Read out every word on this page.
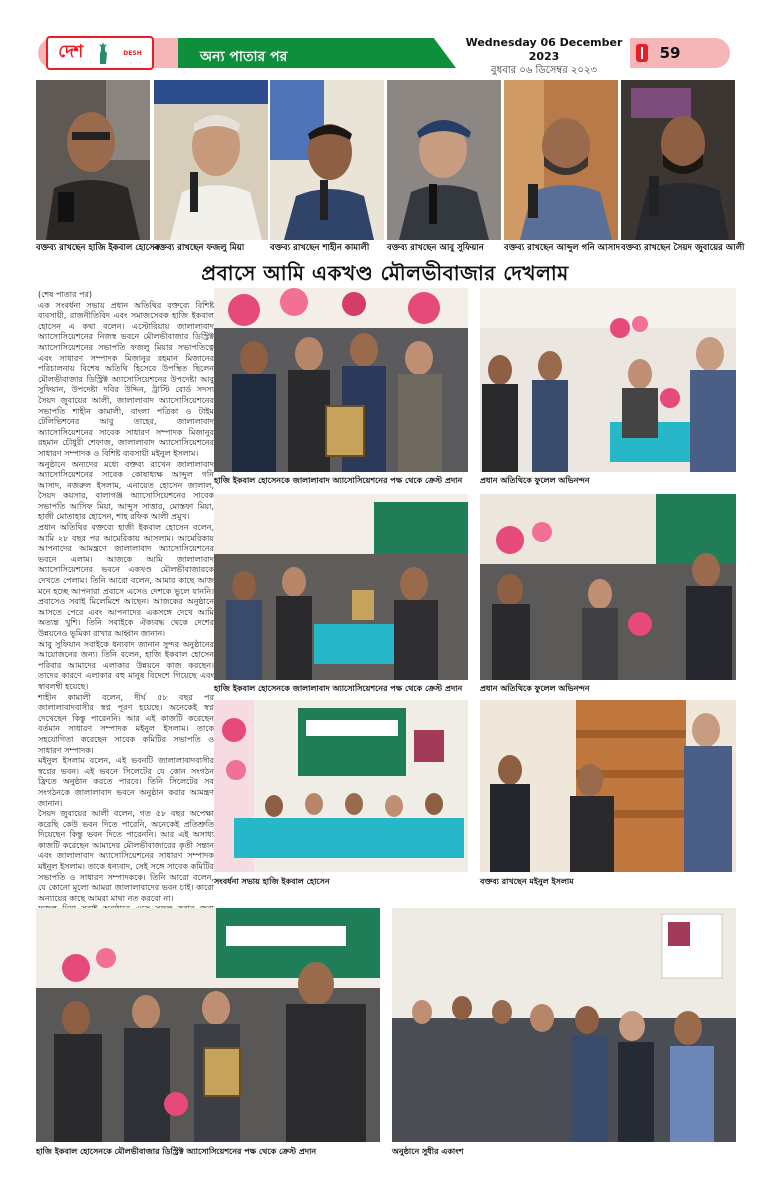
দেশ	DESH	অন্য পাতার পর
Wednesday 06 December 2023
বুধবার ০৬ ডিসেম্বর ২০২৩
59
বক্তব্য রাখছেন হাজি ইকবাল হোসেন
বক্তব্য রাখছেন ফজলু মিয়া	বক্তব্য রাখছেন শাহীন কামালী বক্তব্য রাখছেন আবু সুফিয়ান বক্তব্য রাখছেন আব্দুল গনি আসাদ বক্তব্য রাখছেন সৈয়দ জুবায়ের আলী
প্রবাসে আমি একখণ্ড মৌলভীবাজার দেখলাম

(শেষ পাতার পর)

এক সংবর্ধনা সভায় প্রধান অতিথির বক্তব্যে বিশিষ্ট ব্যবসায়ী, রাজনীতিবিদ এবং সমাজসেবক হাজি ইকবাল হোসেন এ কথা বলেন। এস্টোরিয়ায় জালালাবাদ অ্যাসোসিয়েশনের নিজস্ব ভবনে মৌলভীবাজার ডিস্ট্রিক্ট অ্যাসোসিয়েশনের সভাপতি ফজলু মিয়ার সভাপতিত্বে এবং সাধারণ সম্পাদক মিজানুর রহমান মিজানের পরিচালনায় বিশেষ অতিথি হিসেবে উপস্থিত ছিলেন মৌলভীবাজার ডিস্ট্রিক্ট অ্যাসোসিয়েশনের উপদেষ্টা আবু সুফিয়ান, উপদেষ্টা দবির উদ্দিন, ট্রাস্টি বোর্ড সদস্য সৈয়দ জুবায়ের আলী, জালালাবাদ অ্যাসোসিয়েশনের সভাপতি শাহীন কামালী, বাংলা পত্রিকা ও টাইম টেলিভিশনের আবু তাহের, জালালাবাদ অ্যাসোসিয়েশনের সাবেক সাধারণ সম্পাদক মিজানুর রহমান চৌধুরী শেফাজ, জালালাবাদ অ্যাসোসিয়েশনের সাধারণ সম্পাদক ও বিশিষ্ট ব্যবসায়ী মইনুল ইসলাম।

অনুষ্ঠানে অন্যদের মধ্যে বক্তব্য রাখেন জালালাবাদ অ্যাসোসিয়েশনের সাবেক কোষাধ্যক্ষ আব্দুল গনি আসাদ, নজরুল ইসলাম, এনায়েত হোসেন জালাল, সৈয়দ কয়সার, বালাগঞ্জ অ্যাসোসিয়েশনের সাবেক সভাপতি আসিফ মিয়া, আব্দুস সাত্তার, মোস্তফা মিয়া, হাজী মোতাহার হোসেন, শাহ রফিক আলী প্রমুখ।

প্রধান অতিথির বক্তব্যে হাজী ইকবাল হোসেন বলেন, আমি ২৮ বছর পর আমেরিকায় আসলাম। আমেরিকায় আপনাদের আমন্ত্রণে জালালাবাদ অ্যাসোসিয়েশনের ভবনে এলাম। আজকে আমি জালালাবাদ অ্যাসোসিয়েশনের ভবনে একখণ্ড মৌলভীবাজারকে দেখতে পেলাম। তিনি আরো বলেন, আমার কাছে আজ মনে হচ্ছে আপনারা প্রবাসে এসেও দেশকে ভুলে যাননি। প্রবাসেও সবাই মিলেমিশে আছেন। আজকের অনুষ্ঠানে আসতে পেরে এবং আপনাদের একসঙ্গে দেখে আমি অত্যন্ত খুশি। তিনি সবাইকে ঐক্যবদ্ধ থেকে দেশের উন্নয়নেও ভূমিকা রাখার আহ্বান জানান।

আবু সুফিয়ান সবাইকে ধন্যবাদ জানান সুন্দর অনুষ্ঠানের আয়োজনের জন্য। তিনি বলেন, হাজি ইকবাল হোসেন পরিবার আমাদের এলাকার উন্নয়নে কাজ করছেন। তাদের কারণে এলাকার বহু মানুষ বিদেশে গিয়েছে এবং স্বাবলম্বী হয়েছে।

শাহীন কামালী বলেন, দীর্ঘ ৫৮ বছর পর জালালাবাদবাসীর স্বপ্ন পূরণ হয়েছে। অনেকেই স্বপ্ন দেখেছেন কিন্তু পারেননি। আর এই কাজটি করেছেন বর্তমান সাধারণ সম্পাদক মইনুল ইসলাম। তাকে সহযোগিতা করেছেন সাবেক কমিটির সভাপতি ও সাধারণ সম্পাদক।

মইনুল ইসলাম বলেন, এই ভবনটি জালালাবাদবাসীর স্বপ্নের ভবন। এই ভবনে সিলেটের যে কোন সংগঠন ফ্রিতে অনুষ্ঠান করতে পারবে। তিনি সিলেটের সব সংগঠনকে জালালাবাদ ভবনে অনুষ্ঠান করার আমন্ত্রণ জানান।

সৈয়দ জুবায়ের আলী বলেন, গত ৫৮ বছর অপেক্ষা করেছি কেউ ভবন দিতে পারেনি, অনেকেই প্রতিশ্রুতি দিয়েছেন কিন্তু ভবন দিতে পারেননি। আর এই অসাধ্য কাজটি করেছেন আমাদের মৌলভীবাজারের কৃতী সন্তান এবং জালালাবাদ অ্যাসোসিয়েশনের সাধারণ সম্পাদক মইনুল ইসলাম। তাকে ধন্যবাদ, সেই সঙ্গে সাবেক কমিটির সভাপতি ও সাধারণ সম্পাদককে। তিনি আরো বলেন, যে কোনো মূল্যে আমরা জালালাবাদের ভবন চাই। কারো অন্যায়ের কাছে আমরা মাথা নত করবো না।

হাজি ইকবাল হোসেনকে জালালাবাদ অ্যাসোসিয়েশনের পক্ষ থেকে ক্রেস্ট প্রদান প্রধান অতিথিকে ফুলেল অভিনন্দন
হাজি ইকবাল হোসেনকে জালালাবাদ অ্যাসোসিয়েশনের পক্ষ থেকে ক্রেস্ট প্রদান প্রধান অতিথিকে ফুলেল অভিনন্দন
সংবর্ধনা সভায় হাজি ইকবাল হোসেন	বক্তব্য রাখছেন মইনুল ইসলাম
হাজি ইকবাল হোসেনকে মৌলভীবাজার ডিস্ট্রিক্ট অ্যাসোসিয়েশনের পক্ষ থেকে ক্রেস্ট প্রদান	অনুষ্ঠানে সুধীর একাংশ
